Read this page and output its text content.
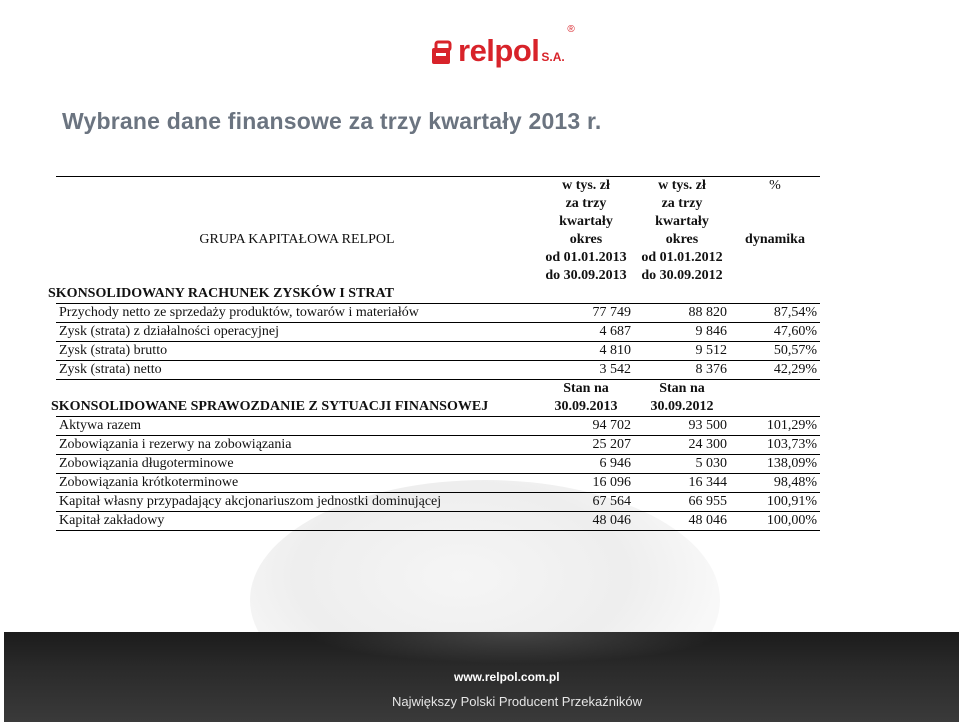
relpol S.A.
®
Wybrane dane finansowe za trzy kwartały 2013 r.
	w tys. zł	w tys. zł	%
	za trzy	za trzy	
	kwartały	kwartały	
GRUPA KAPITAŁOWA RELPOL	okres	okres	dynamika
	od 01.01.2013	od 01.01.2012	
	do 30.09.2013	do 30.09.2012	
SKONSOLIDOWANY RACHUNEK ZYSKÓW I STRAT
Przychody netto ze sprzedaży produktów, towarów i materiałów	77 749	88 820	87,54%
Zysk (strata) z działalności operacyjnej	4 687	9 846	47,60%
Zysk (strata) brutto	4 810	9 512	50,57%
Zysk (strata) netto	3 542	8 376	42,29%
	Stan na	Stan na	
SKONSOLIDOWANE SPRAWOZDANIE Z SYTUACJI FINANSOWEJ	30.09.2013	30.09.2012	
Aktywa razem	94 702	93 500	101,29%
Zobowiązania i rezerwy na zobowiązania	25 207	24 300	103,73%
Zobowiązania długoterminowe	6 946	5 030	138,09%
Zobowiązania krótkoterminowe	16 096	16 344	98,48%
Kapitał własny przypadający akcjonariuszom jednostki dominującej	67 564	66 955	100,91%
Kapitał zakładowy	48 046	48 046	100,00%
www.relpol.com.pl
Największy Polski Producent Przekaźników
